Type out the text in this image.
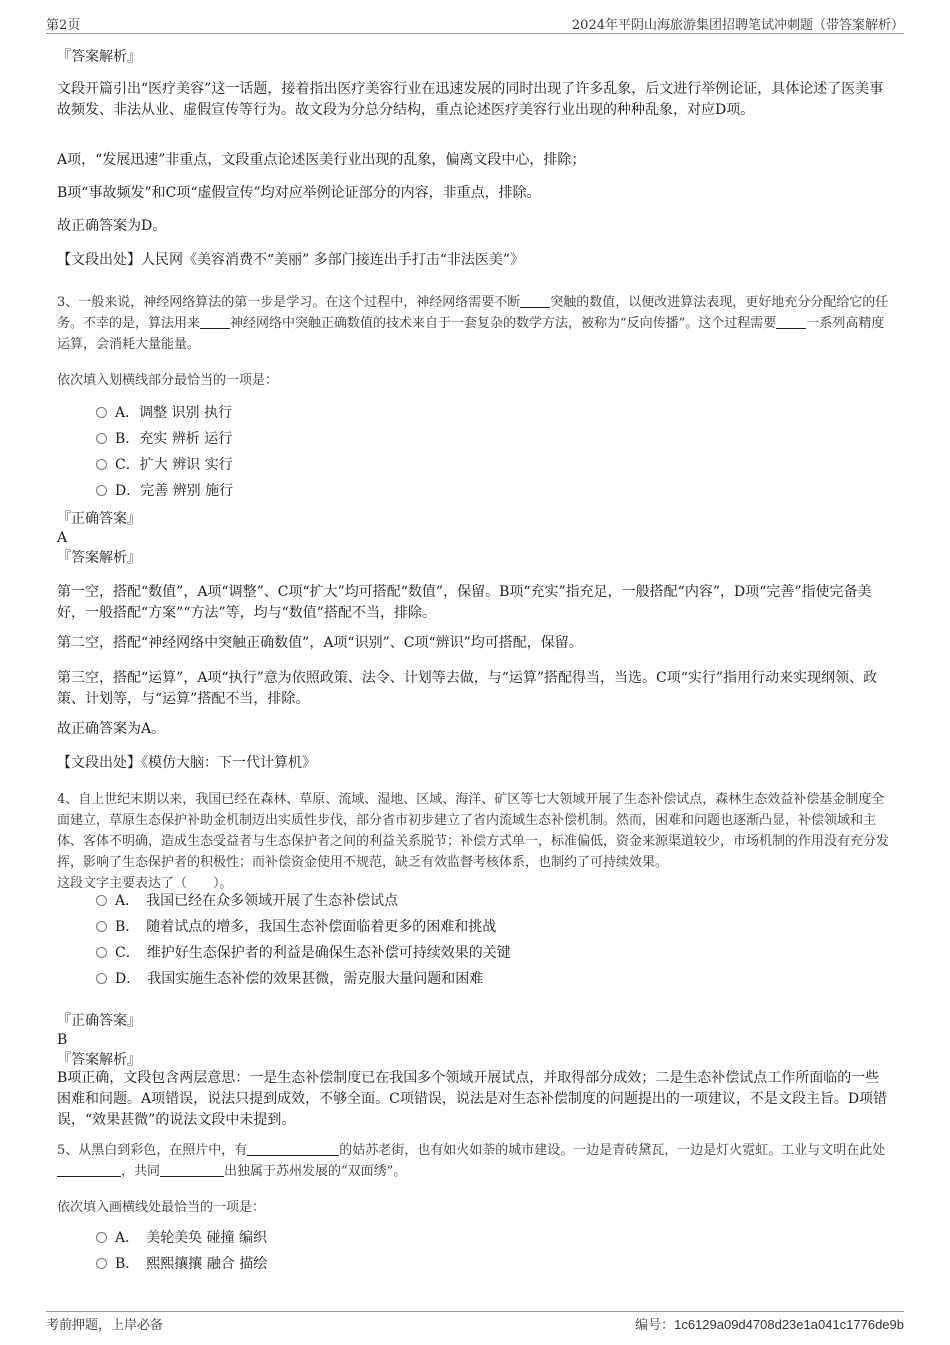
第2页	2024年平阴山海旅游集团招聘笔试冲刺题（带答案解析）

『答案解析』

文段开篇引出“医疗美容”这一话题，接着指出医疗美容行业在迅速发展的同时出现了许多乱象，后文进行举例论证，具体论述了医美事故频发、非法从业、虚假宣传等行为。故文段为分总分结构，重点论述医疗美容行业出现的种种乱象，对应D项。

A项，“发展迅速”非重点，文段重点论述医美行业出现的乱象，偏离文段中心，排除；

B项“事故频发”和C项“虚假宣传”均对应举例论证部分的内容，非重点，排除。

故正确答案为D。

【文段出处】人民网《美容消费不“美丽” 多部门接连出手打击“非法医美”》

3、一般来说，神经网络算法的第一步是学习。在这个过程中，神经网络需要不断 突触的数值，以便改进算法表现，更好地充分分配给它的任务。不幸的是，算法用来 神经网络中突触正确数值的技术来自于一套复杂的数学方法，被称为“反向传播”。这个过程需要 一系列高精度运算，会消耗大量能量。

依次填入划横线部分最恰当的一项是：

A．调整 识别 执行
B．充实 辨析 运行
C．扩大 辨识 实行
D．完善 辨别 施行

『正确答案』

A

『答案解析』

第一空，搭配“数值”，A项“调整”、C项“扩大”均可搭配“数值”，保留。B项“充实”指充足，一般搭配“内容”，D项“完善”指使完备美好，一般搭配“方案”“方法”等，均与“数值”搭配不当，排除。

第二空，搭配“神经网络中突触正确数值”，A项“识别”、C项“辨识”均可搭配，保留。

第三空，搭配“运算”，A项“执行”意为依照政策、法令、计划等去做，与“运算”搭配得当，当选。C项“实行”指用行动来实现纲领、政策、计划等，与“运算”搭配不当，排除。

故正确答案为A。

【文段出处】《模仿大脑：下一代计算机》

4、自上世纪末期以来，我国已经在森林、草原、流域、湿地、区域、海洋、矿区等七大领域开展了生态补偿试点，森林生态效益补偿基金制度全面建立，草原生态保护补助金机制迈出实质性步伐，部分省市初步建立了省内流域生态补偿机制。然而，困难和问题也逐渐凸显，补偿领域和主体、客体不明确，造成生态受益者与生态保护者之间的利益关系脱节；补偿方式单一，标准偏低，资金来源渠道较少，市场机制的作用没有充分发挥，影响了生态保护者的积极性；而补偿资金使用不规范，缺乏有效监督考核体系，也制约了可持续效果。

这段文字主要表达了（　　）。

A．　我国已经在众多领域开展了生态补偿试点
B．　随着试点的增多，我国生态补偿面临着更多的困难和挑战
C．　维护好生态保护者的利益是确保生态补偿可持续效果的关键
D．　我国实施生态补偿的效果甚微，需克服大量问题和困难

『正确答案』

B

『答案解析』

B项正确，文段包含两层意思：一是生态补偿制度已在我国多个领域开展试点，并取得部分成效；二是生态补偿试点工作所面临的一些困难和问题。A项错误，说法只提到成效，不够全面。C项错误，说法是对生态补偿制度的问题提出的一项建议，不是文段主旨。D项错误，“效果甚微”的说法文段中未提到。

5、从黑白到彩色，在照片中，有	的姑苏老街，也有如火如荼的城市建设。一边是青砖黛瓦，一边是灯火霓虹。工业与文明在此处，共同	出独属于苏州发展的“双面绣”。

依次填入画横线处最恰当的一项是：

A．　美轮美奂 碰撞 编织
B．　熙熙攘攘 融合 描绘
考前押题，上岸必备	编号：1c6129a09d4708d23e1a041c1776de9b
